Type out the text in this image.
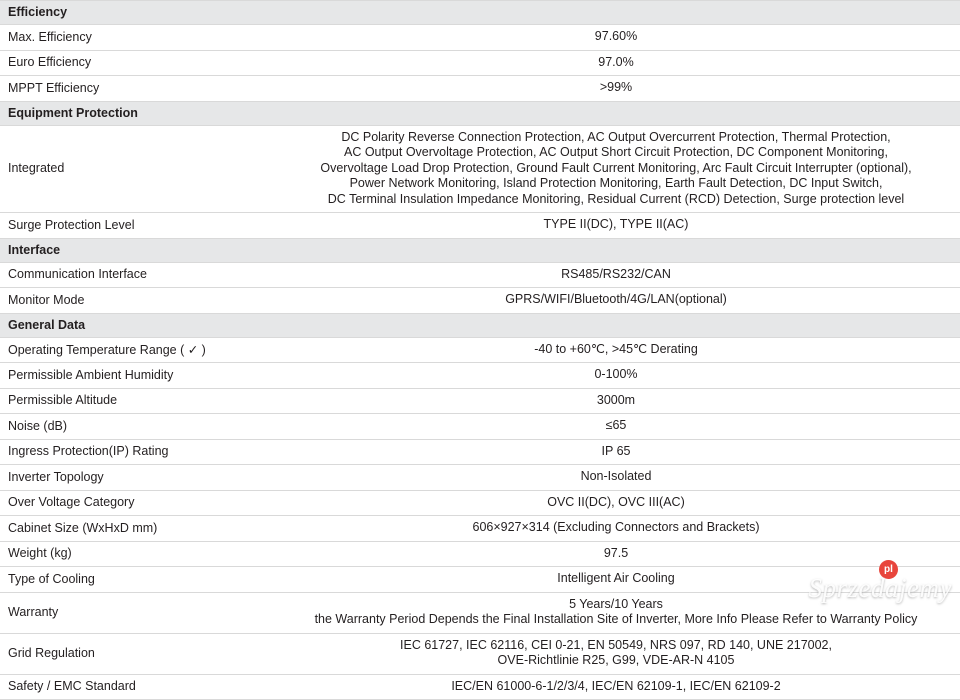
Efficiency	

Max. Efficiency	97.60%

Euro Efficiency	97.0%

MPPT Efficiency	>99%

Equipment Protection	

Integrated	DC Polarity Reverse Connection Protection, AC Output Overcurrent Protection, Thermal Protection,
AC Output Overvoltage Protection, AC Output Short Circuit Protection, DC Component Monitoring,
Overvoltage Load Drop Protection, Ground Fault Current Monitoring, Arc Fault Circuit Interrupter (optional),
Power Network Monitoring, Island Protection Monitoring, Earth Fault Detection, DC Input Switch,
DC Terminal Insulation Impedance Monitoring, Residual Current (RCD) Detection, Surge protection level

Surge Protection Level	TYPE II(DC), TYPE II(AC)

Interface	

Communication Interface	RS485/RS232/CAN

Monitor Mode	GPRS/WIFI/Bluetooth/4G/LAN(optional)

General Data	

Operating Temperature Range ( ✓ )	-40 to +60℃, >45℃ Derating

Permissible Ambient Humidity	0-100%

Permissible Altitude	3000m

Noise (dB)	≤65

Ingress Protection(IP) Rating	IP 65

Inverter Topology	Non-Isolated

Over Voltage Category	OVC II(DC), OVC III(AC)

Cabinet Size (WxHxD mm)	606×927×314 (Excluding Connectors and Brackets)

Weight (kg)	97.5

Type of Cooling	Intelligent Air Cooling

Warranty	5 Years/10 Years
the Warranty Period Depends the Final Installation Site of Inverter, More Info Please Refer to Warranty Policy

Grid Regulation	IEC 61727, IEC 62116, CEI 0-21, EN 50549, NRS 097, RD 140, UNE 217002,
OVE-Richtlinie R25, G99, VDE-AR-N 4105

Safety / EMC Standard	IEC/EN 61000-6-1/2/3/4, IEC/EN 62109-1, IEC/EN 62109-2
pl
Sprzedajemy
